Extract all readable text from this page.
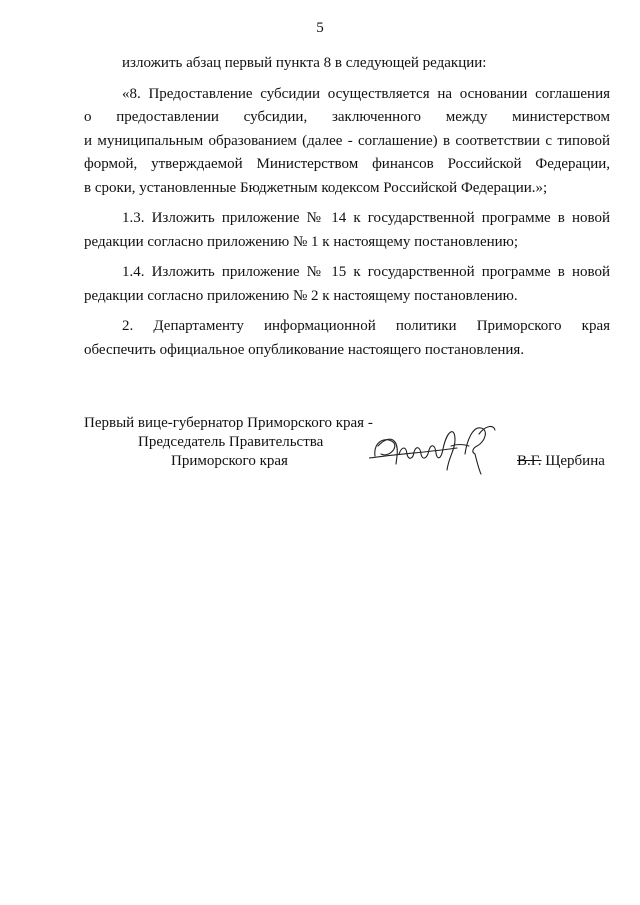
5

изложить абзац первый пункта 8 в следующей редакции:

«8. Предоставление субсидии осуществляется на основании соглашения
о предоставлении субсидии, заключенного между министерством
и муниципальным образованием (далее - соглашение) в соответствии с типовой
формой, утверждаемой Министерством финансов Российской Федерации,
в сроки, установленные Бюджетным кодексом Российской Федерации.»;

1.3. Изложить приложение № 14 к государственной программе в новой
редакции согласно приложению № 1 к настоящему постановлению;

1.4. Изложить приложение № 15 к государственной программе в новой
редакции согласно приложению № 2 к настоящему постановлению.

2. Департаменту информационной политики Приморского края
обеспечить официальное опубликование настоящего постановления.

Первый вице-губернатор Приморского края -
Председатель Правительства
Приморского края	В.Г. Щербина
